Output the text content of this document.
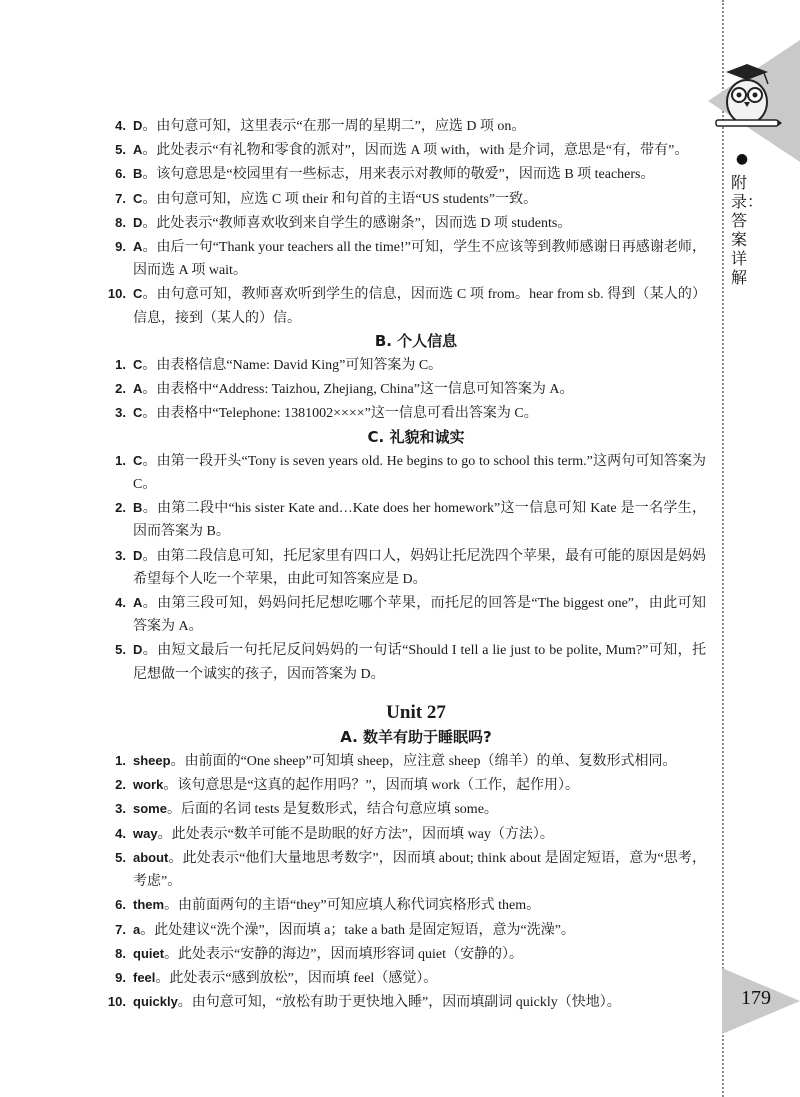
●
附录：答案详解
179
4. D。由句意可知，这里表示“在那一周的星期二”，应选 D 项 on。
5. A。此处表示“有礼物和零食的派对”，因而选 A 项 with，with 是介词，意思是“有，带有”。
6. B。该句意思是“校园里有一些标志，用来表示对教师的敬爱”，因而选 B 项 teachers。
7. C。由句意可知，应选 C 项 their 和句首的主语“US students”一致。
8. D。此处表示“教师喜欢收到来自学生的感谢条”，因而选 D 项 students。
9. A。由后一句“Thank your teachers all the time!”可知，学生不应该等到教师感谢日再感谢老师，因而选 A 项 wait。
10. C。由句意可知，教师喜欢听到学生的信息，因而选 C 项 from。hear from sb. 得到（某人的）信息，接到（某人的）信。
B. 个人信息
1. C。由表格信息“Name: David King”可知答案为 C。
2. A。由表格中“Address: Taizhou, Zhejiang, China”这一信息可知答案为 A。
3. C。由表格中“Telephone: 1381002××××”这一信息可看出答案为 C。
C. 礼貌和诚实
1. C。由第一段开头“Tony is seven years old. He begins to go to school this term.”这两句可知答案为 C。
2. B。由第二段中“his sister Kate and…Kate does her homework”这一信息可知 Kate 是一名学生，因而答案为 B。
3. D。由第二段信息可知，托尼家里有四口人，妈妈让托尼洗四个苹果，最有可能的原因是妈妈希望每个人吃一个苹果，由此可知答案应是 D。
4. A。由第三段可知，妈妈问托尼想吃哪个苹果，而托尼的回答是“The biggest one”，由此可知答案为 A。
5. D。由短文最后一句托尼反问妈妈的一句话“Should I tell a lie just to be polite, Mum?”可知，托尼想做一个诚实的孩子，因而答案为 D。
Unit 27
A. 数羊有助于睡眠吗?
1. sheep。由前面的“One sheep”可知填 sheep，应注意 sheep（绵羊）的单、复数形式相同。
2. work。该句意思是“这真的起作用吗？”，因而填 work（工作，起作用）。
3. some。后面的名词 tests 是复数形式，结合句意应填 some。
4. way。此处表示“数羊可能不是助眠的好方法”，因而填 way（方法）。
5. about。此处表示“他们大量地思考数字”，因而填 about; think about 是固定短语，意为“思考，考虑”。
6. them。由前面两句的主语“they”可知应填人称代词宾格形式 them。
7. a。此处建议“洗个澡”，因而填 a；take a bath 是固定短语，意为“洗澡”。
8. quiet。此处表示“安静的海边”，因而填形容词 quiet（安静的）。
9. feel。此处表示“感到放松”，因而填 feel（感觉）。
10. quickly。由句意可知，“放松有助于更快地入睡”，因而填副词 quickly（快地）。
